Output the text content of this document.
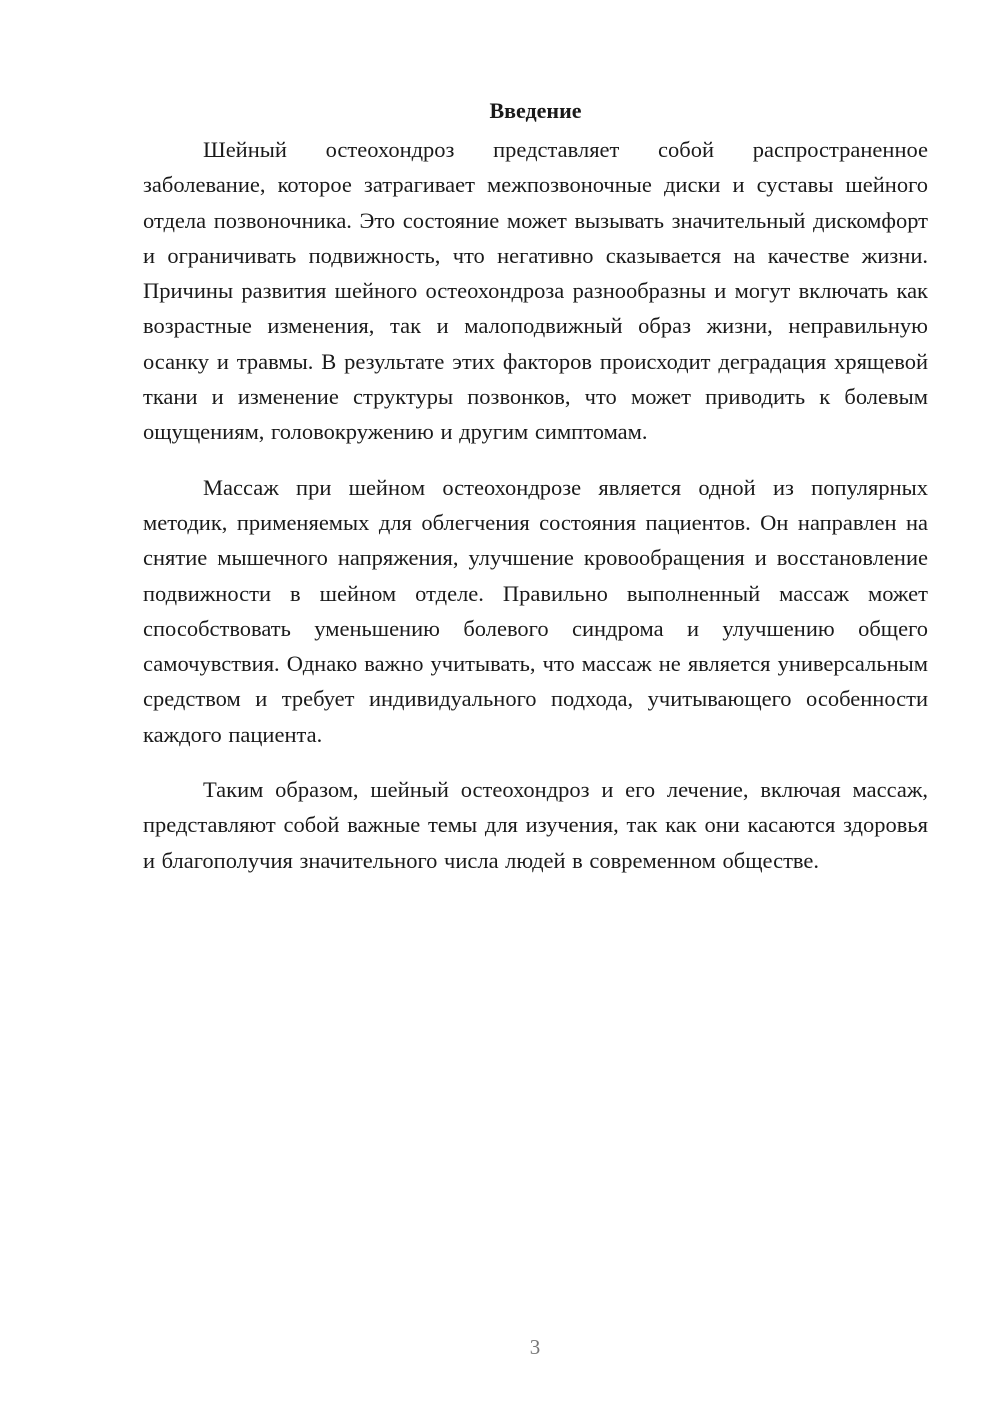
Введение

Шейный остеохондроз представляет собой распространенное заболевание, которое затрагивает межпозвоночные диски и суставы шейного отдела позвоночника. Это состояние может вызывать значительный дискомфорт и ограничивать подвижность, что негативно сказывается на качестве жизни. Причины развития шейного остеохондроза разнообразны и могут включать как возрастные изменения, так и малоподвижный образ жизни, неправильную осанку и травмы. В результате этих факторов происходит деградация хрящевой ткани и изменение структуры позвонков, что может приводить к болевым ощущениям, головокружению и другим симптомам.

Массаж при шейном остеохондрозе является одной из популярных методик, применяемых для облегчения состояния пациентов. Он направлен на снятие мышечного напряжения, улучшение кровообращения и восстановление подвижности в шейном отделе. Правильно выполненный массаж может способствовать уменьшению болевого синдрома и улучшению общего самочувствия. Однако важно учитывать, что массаж не является универсальным средством и требует индивидуального подхода, учитывающего особенности каждого пациента.

Таким образом, шейный остеохондроз и его лечение, включая массаж, представляют собой важные темы для изучения, так как они касаются здоровья и благополучия значительного числа людей в современном обществе.

3
